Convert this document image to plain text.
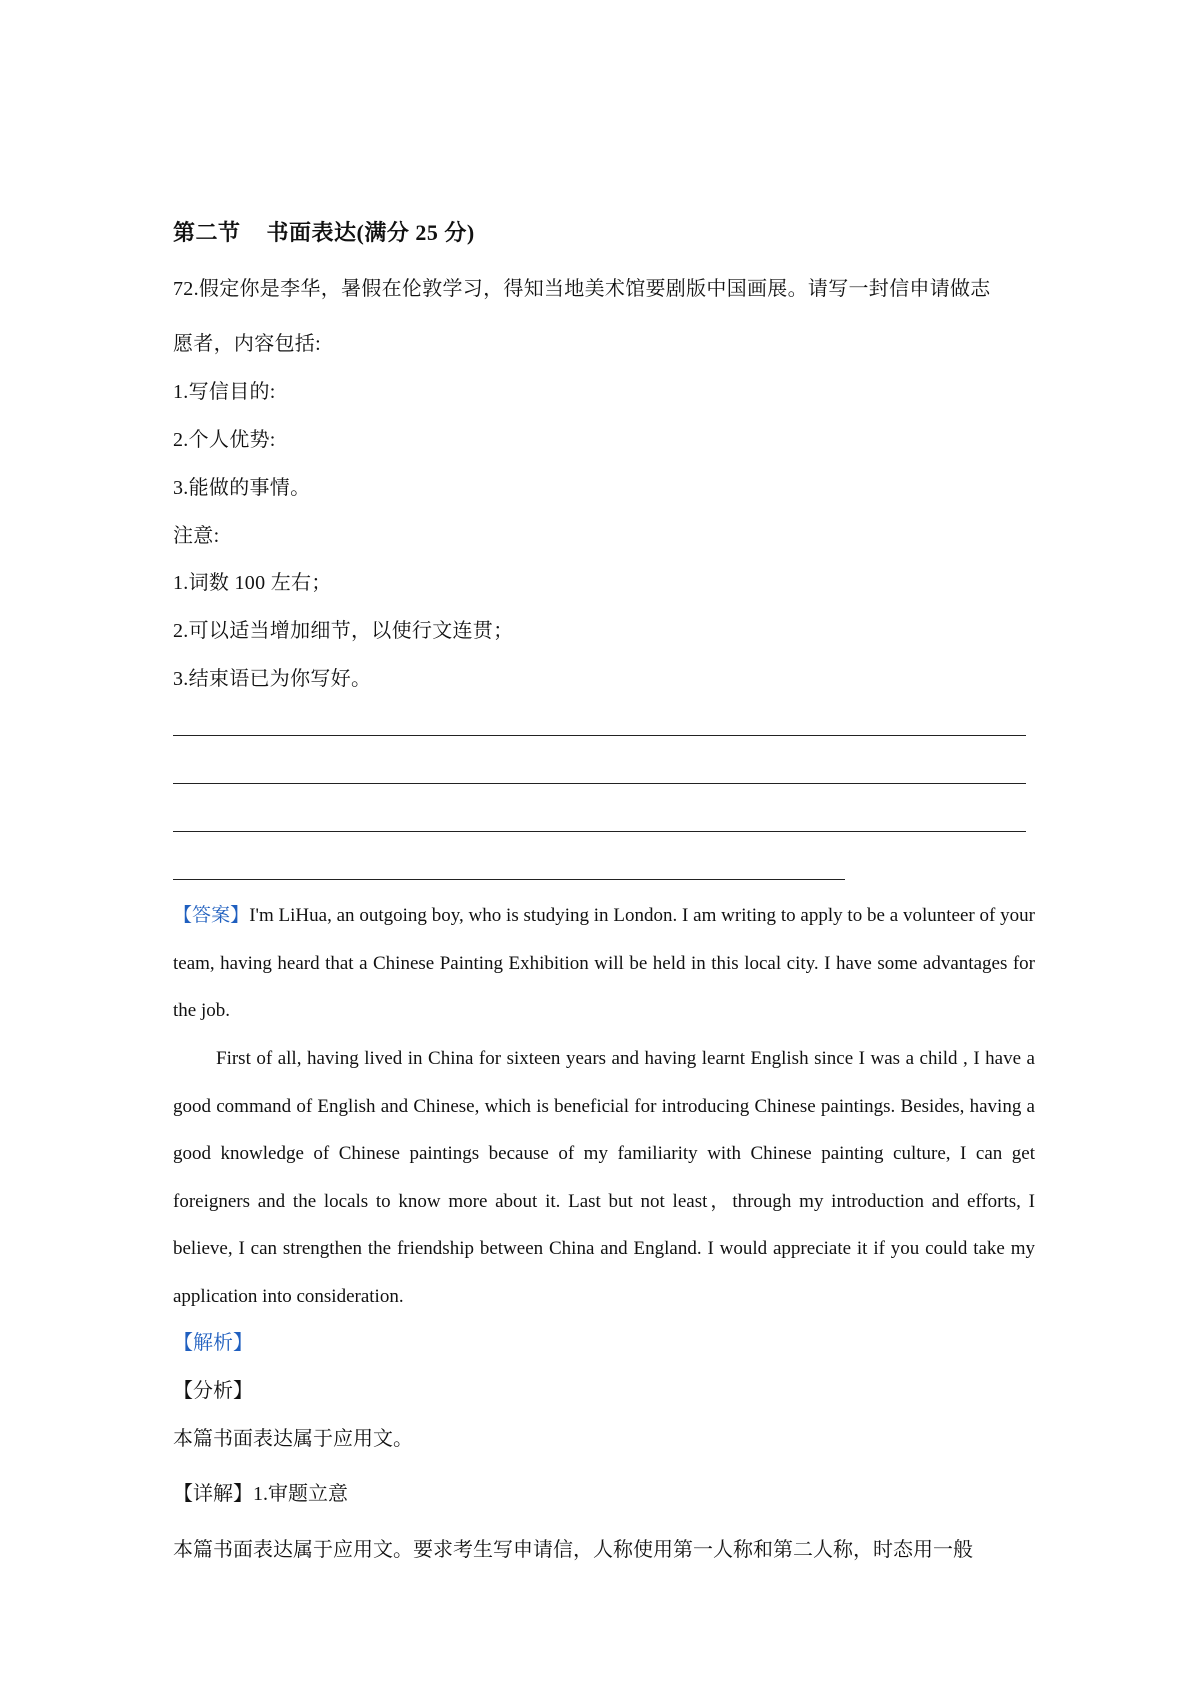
第二节 书面表达(满分 25 分)
72.假定你是李华，暑假在伦敦学习，得知当地美术馆要剧版中国画展。请写一封信申请做志
愿者，内容包括:
1.写信目的:
2.个人优势:
3.能做的事情。
注意:
1.词数 100 左右；
2.可以适当增加细节，以使行文连贯；
3.结束语已为你写好。
【答案】I'm LiHua, an outgoing boy, who is studying in London. I am writing to apply to be a volunteer of your team, having heard that a Chinese Painting Exhibition will be held in this local city. I have some advantages for the job.
First of all, having lived in China for sixteen years and having learnt English since I was a child , I have a good command of English and Chinese, which is beneficial for introducing Chinese paintings. Besides, having a good knowledge of Chinese paintings because of my familiarity with Chinese painting culture, I can get foreigners and the locals to know more about it. Last but not least，through my introduction and efforts, I believe, I can strengthen the friendship between China and England. I would appreciate it if you could take my application into consideration.
【解析】
【分析】
本篇书面表达属于应用文。
【详解】1.审题立意
本篇书面表达属于应用文。要求考生写申请信，人称使用第一人称和第二人称，时态用一般
